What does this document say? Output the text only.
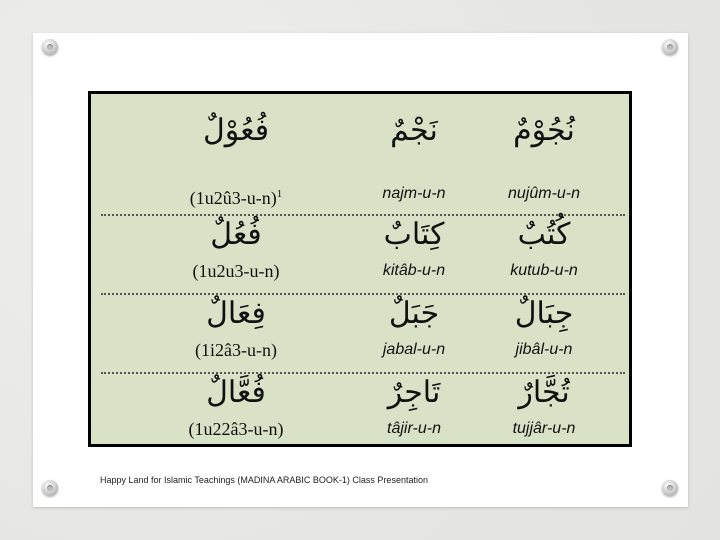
فُعُوْلٌ
(1u2û3-u-n)$^1$
نَجْمٌ
najm-u-n
نُجُوْمٌ
nujûm-u-n
فُعُلٌ
(1u2u3-u-n)
كِتَابٌ
kitâb-u-n
كُتُبٌ
kutub-u-n
فِعَالٌ
(1i2â3-u-n)
جَبَلٌ
jabal-u-n
جِبَالٌ
jibâl-u-n
فُعَّالٌ
(1u22â3-u-n)
تَاجِرٌ
tâjir-u-n
تُجَّارٌ
tujjâr-u-n
Happy Land for Islamic Teachings (MADINA ARABIC BOOK-1) Class Presentation
